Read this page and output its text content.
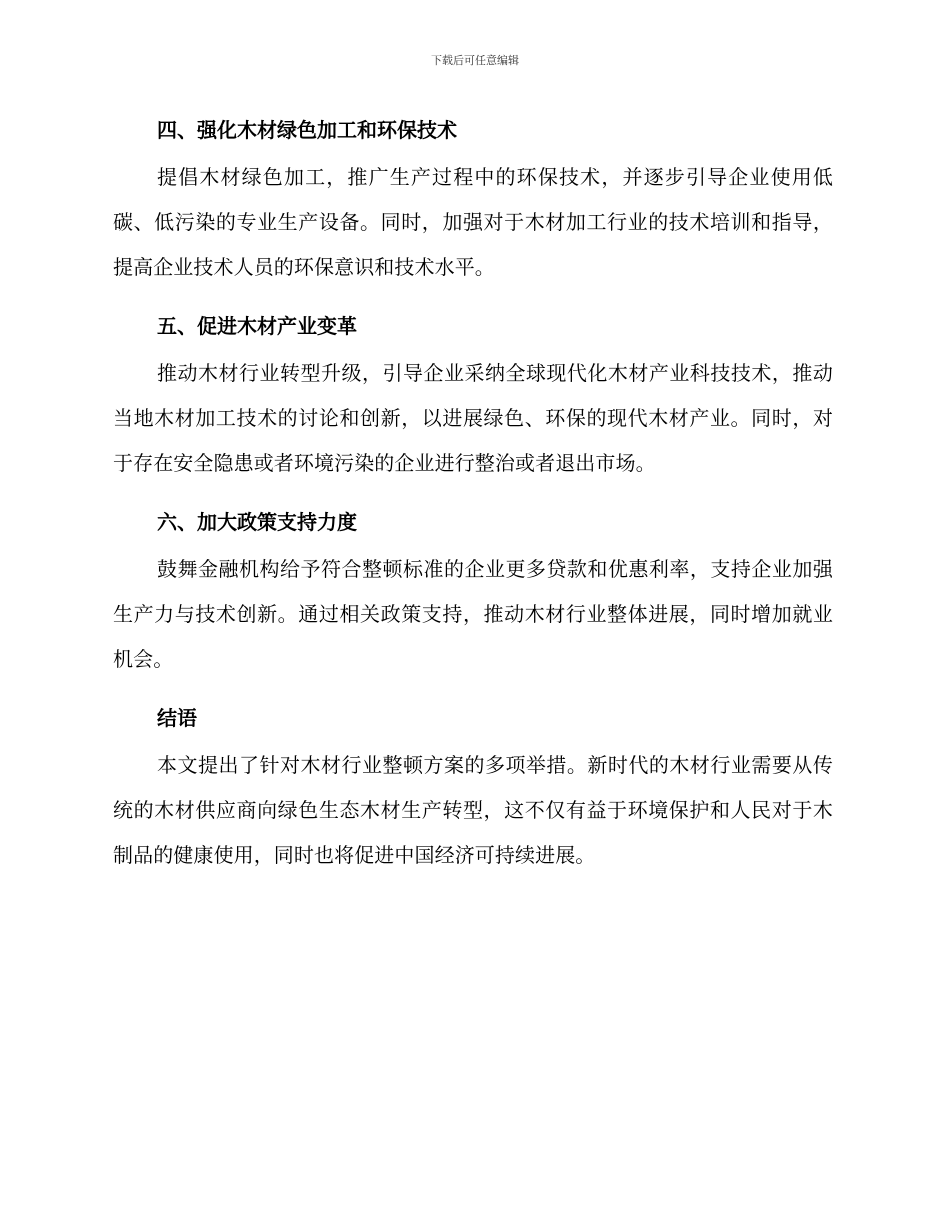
下载后可任意编辑
四、强化木材绿色加工和环保技术

提倡木材绿色加工，推广生产过程中的环保技术，并逐步引导企业使用低碳、低污染的专业生产设备。同时，加强对于木材加工行业的技术培训和指导，提高企业技术人员的环保意识和技术水平。

五、促进木材产业变革

推动木材行业转型升级，引导企业采纳全球现代化木材产业科技技术，推动当地木材加工技术的讨论和创新，以进展绿色、环保的现代木材产业。同时，对于存在安全隐患或者环境污染的企业进行整治或者退出市场。

六、加大政策支持力度

鼓舞金融机构给予符合整顿标准的企业更多贷款和优惠利率，支持企业加强生产力与技术创新。通过相关政策支持，推动木材行业整体进展，同时增加就业机会。

结语

本文提出了针对木材行业整顿方案的多项举措。新时代的木材行业需要从传统的木材供应商向绿色生态木材生产转型，这不仅有益于环境保护和人民对于木制品的健康使用，同时也将促进中国经济可持续进展。
